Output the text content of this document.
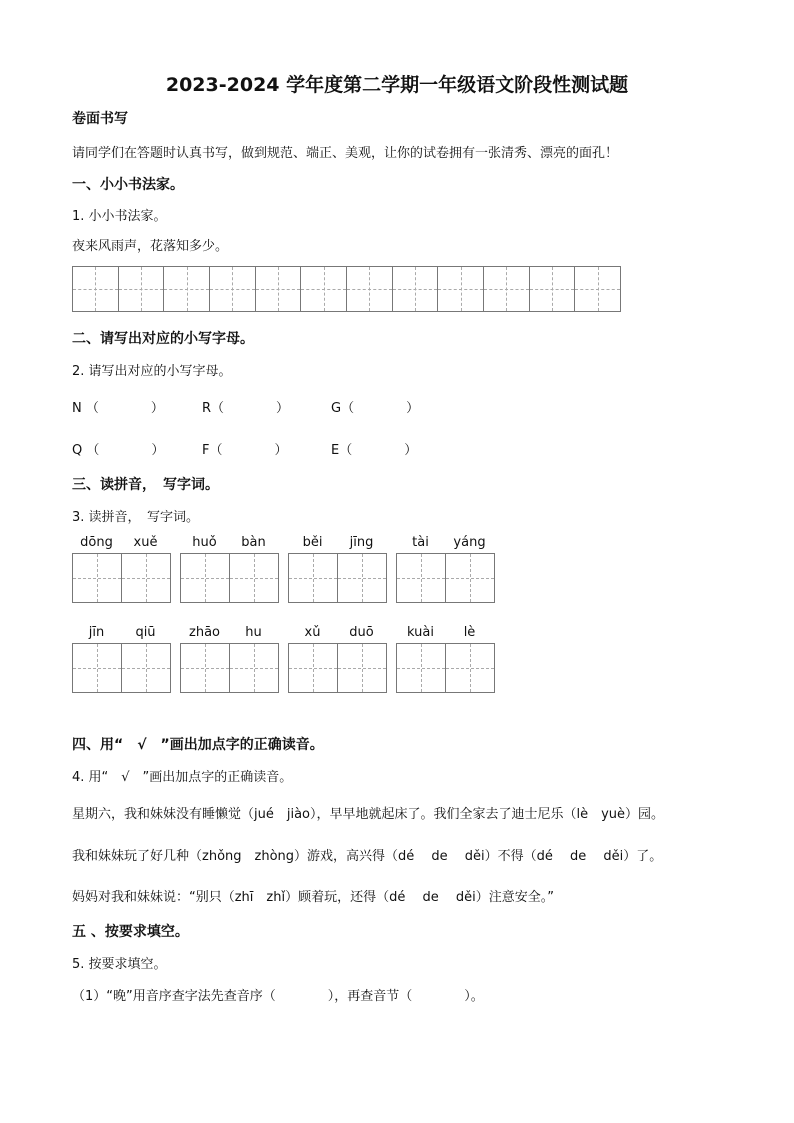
2023-2024 学年度第二学期一年级语文阶段性测试题
卷面书写
请同学们在答题时认真书写，做到规范、端正、美观，让你的试卷拥有一张清秀、漂亮的面孔！
一、小小书法家。
1. 小小书法家。
夜来风雨声，花落知多少。
二、请写出对应的小写字母。
2. 请写出对应的小写字母。
N （　　　　）	R（　　　　）	G（　　　　）
Q （　　　　）	F（　　　　）	E（　　　　）
三、读拼音，　写字词。
3. 读拼音，　写字词。
dōng	xuě	huǒ	bàn	běi	jīng	tài	yáng
jīn	qiū	zhāo	hu	xǔ	duō	kuài	lè
四、用“　√　”画出加点字的正确读音。
4. 用“　√　”画出加点字的正确读音。
星期六，我和妹妹没有睡懒觉（jué　jiào），早早地就起床了。我们全家去了迪士尼乐（lè　yuè）园。
我和妹妹玩了好几种（zhǒng　zhòng）游戏，高兴得（dé　 de　 děi）不得（dé　 de　 děi）了。
妈妈对我和妹妹说：“别只（zhī　zhǐ）顾着玩，还得（dé　 de　 děi）注意安全。”
五 、按要求填空。
5. 按要求填空。
（1）“晚”用音序查字法先查音序（　　　　），再查音节（　　　　）。
